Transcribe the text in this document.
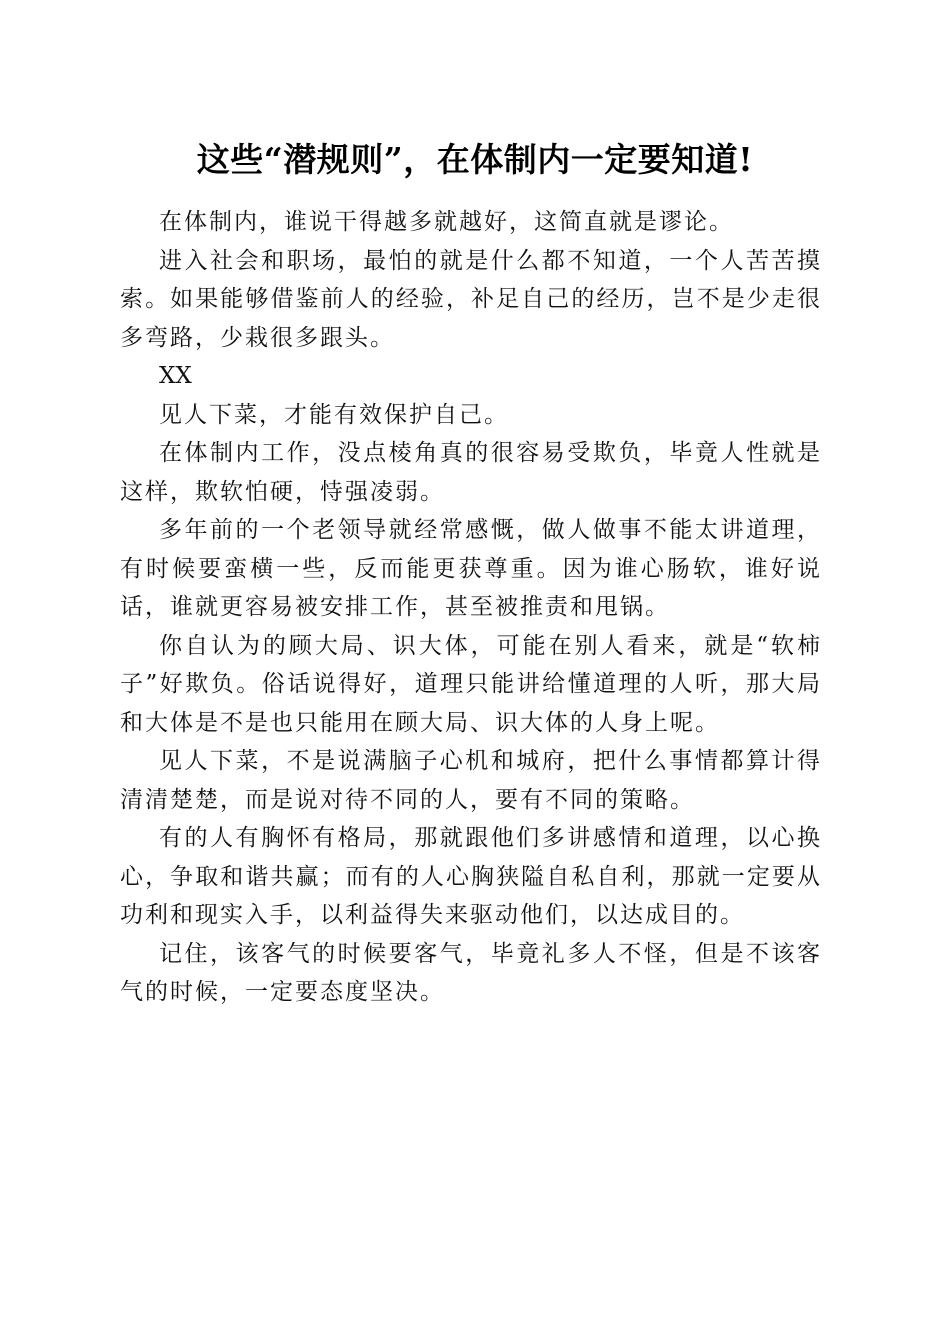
这些“潜规则”，在体制内一定要知道!

在体制内，谁说干得越多就越好，这简直就是谬论。

进入社会和职场，最怕的就是什么都不知道，一个人苦苦摸索。如果能够借鉴前人的经验，补足自己的经历，岂不是少走很多弯路，少栽很多跟头。

XX

见人下菜，才能有效保护自己。

在体制内工作，没点棱角真的很容易受欺负，毕竟人性就是这样，欺软怕硬，恃强凌弱。

多年前的一个老领导就经常感慨，做人做事不能太讲道理，有时候要蛮横一些，反而能更获尊重。因为谁心肠软，谁好说话，谁就更容易被安排工作，甚至被推责和甩锅。

你自认为的顾大局、识大体，可能在别人看来，就是“软柿子”好欺负。俗话说得好，道理只能讲给懂道理的人听，那大局和大体是不是也只能用在顾大局、识大体的人身上呢。

见人下菜，不是说满脑子心机和城府，把什么事情都算计得清清楚楚，而是说对待不同的人，要有不同的策略。

有的人有胸怀有格局，那就跟他们多讲感情和道理，以心换心，争取和谐共赢；而有的人心胸狭隘自私自利，那就一定要从功利和现实入手，以利益得失来驱动他们，以达成目的。

记住，该客气的时候要客气，毕竟礼多人不怪，但是不该客气的时候，一定要态度坚决。
